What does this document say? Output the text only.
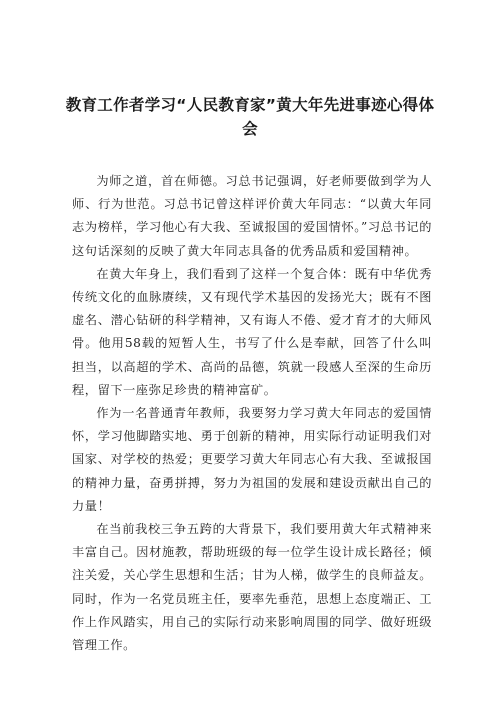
教育工作者学习“人民教育家”黄大年先进事迹心得体会

为师之道，首在师德。习总书记强调，好老师要做到学为人师、行为世范。习总书记曾这样评价黄大年同志：“以黄大年同志为榜样，学习他心有大我、至诚报国的爱国情怀。”习总书记的这句话深刻的反映了黄大年同志具备的优秀品质和爱国精神。

在黄大年身上，我们看到了这样一个复合体：既有中华优秀传统文化的血脉赓续，又有现代学术基因的发扬光大；既有不图虚名、潜心钻研的科学精神，又有诲人不倦、爱才育才的大师风骨。他用58载的短暂人生，书写了什么是奉献，回答了什么叫担当，以高超的学术、高尚的品德，筑就一段感人至深的生命历程，留下一座弥足珍贵的精神富矿。

作为一名普通青年教师，我要努力学习黄大年同志的爱国情怀，学习他脚踏实地、勇于创新的精神，用实际行动证明我们对国家、对学校的热爱；更要学习黄大年同志心有大我、至诚报国的精神力量，奋勇拼搏，努力为祖国的发展和建设贡献出自己的力量！

在当前我校三争五跨的大背景下，我们要用黄大年式精神来丰富自己。因材施教，帮助班级的每一位学生设计成长路径；倾注关爱，关心学生思想和生活；甘为人梯，做学生的良师益友。同时，作为一名党员班主任，要率先垂范，思想上态度端正、工作上作风踏实，用自己的实际行动来影响周围的同学、做好班级管理工作。
